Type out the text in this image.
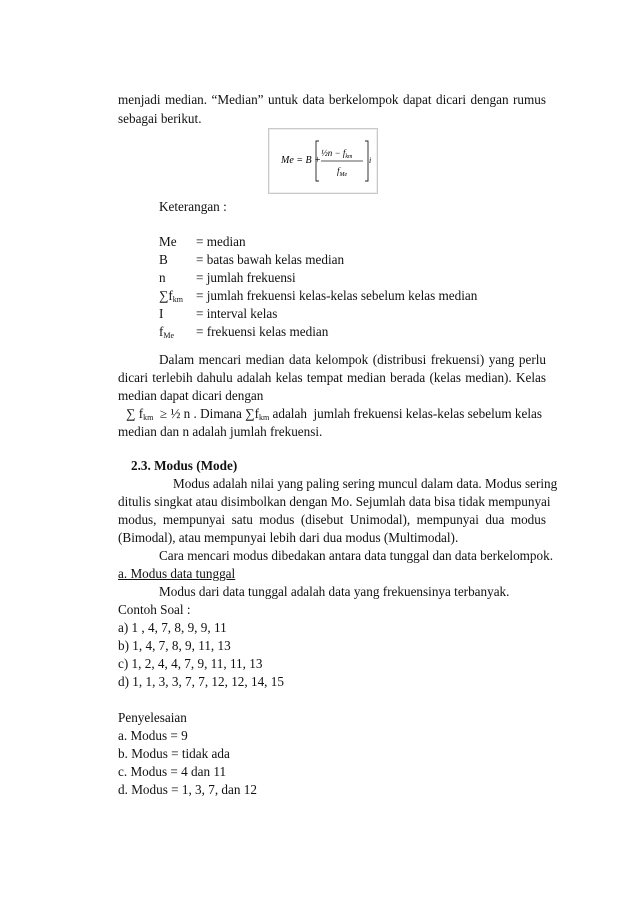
menjadi median. “Median” untuk data berkelompok dapat dicari dengan rumus
sebagai berikut.
Me = B +
½n − $f_{km}$
$f_{Me}$
i
Keterangan :
Me = median
B = batas bawah kelas median
n = jumlah frekuensi
$\sum f_{km}$ = jumlah frekuensi kelas-kelas sebelum kelas median
I = interval kelas
$f_{Me}$ = frekuensi kelas median
Dalam mencari median data kelompok (distribusi frekuensi) yang perlu
dicari terlebih dahulu adalah kelas tempat median berada (kelas median). Kelas
median dapat dicari dengan
∑ $f_{km}$  ≥ ½ n . Dimana $\sum f_{km}$ adalah  jumlah frekuensi kelas-kelas sebelum kelas
median dan n adalah jumlah frekuensi.
2.3. Modus (Mode)
Modus adalah nilai yang paling sering muncul dalam data. Modus sering
ditulis singkat atau disimbolkan dengan Mo. Sejumlah data bisa tidak mempunyai
modus, mempunyai satu modus (disebut Unimodal), mempunyai dua modus
(Bimodal), atau mempunyai lebih dari dua modus (Multimodal).
Cara mencari modus dibedakan antara data tunggal dan data berkelompok.
a. Modus data tunggal
Modus dari data tunggal adalah data yang frekuensinya terbanyak.
Contoh Soal :
a) 1 , 4, 7, 8, 9, 9, 11
b) 1, 4, 7, 8, 9, 11, 13
c) 1, 2, 4, 4, 7, 9, 11, 11, 13
d) 1, 1, 3, 3, 7, 7, 12, 12, 14, 15
Penyelesaian
a. Modus = 9
b. Modus = tidak ada
c. Modus = 4 dan 11
d. Modus = 1, 3, 7, dan 12
